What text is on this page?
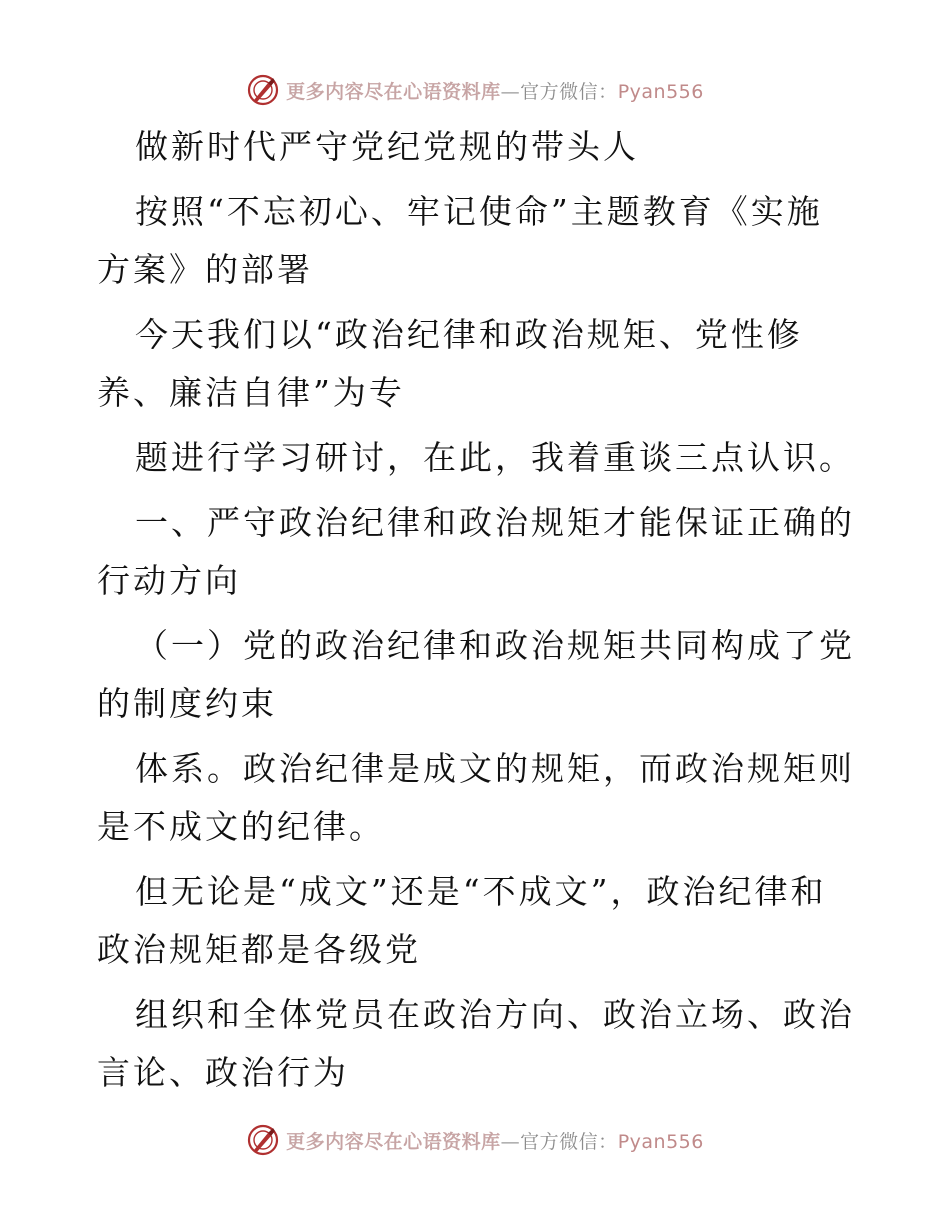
更多内容尽在心语资料库—官方微信：Pyan556

做新时代严守党纪党规的带头人

按照“不忘初心、牢记使命”主题教育《实施方案》的部署

今天我们以“政治纪律和政治规矩、党性修养、廉洁自律”为专

题进行学习研讨，在此，我着重谈三点认识。

一、严守政治纪律和政治规矩才能保证正确的行动方向

（一）党的政治纪律和政治规矩共同构成了党的制度约束

体系。政治纪律是成文的规矩，而政治规矩则是不成文的纪律。

但无论是“成文”还是“不成文”，政治纪律和政治规矩都是各级党

组织和全体党员在政治方向、政治立场、政治言论、政治行为

更多内容尽在心语资料库—官方微信：Pyan556
